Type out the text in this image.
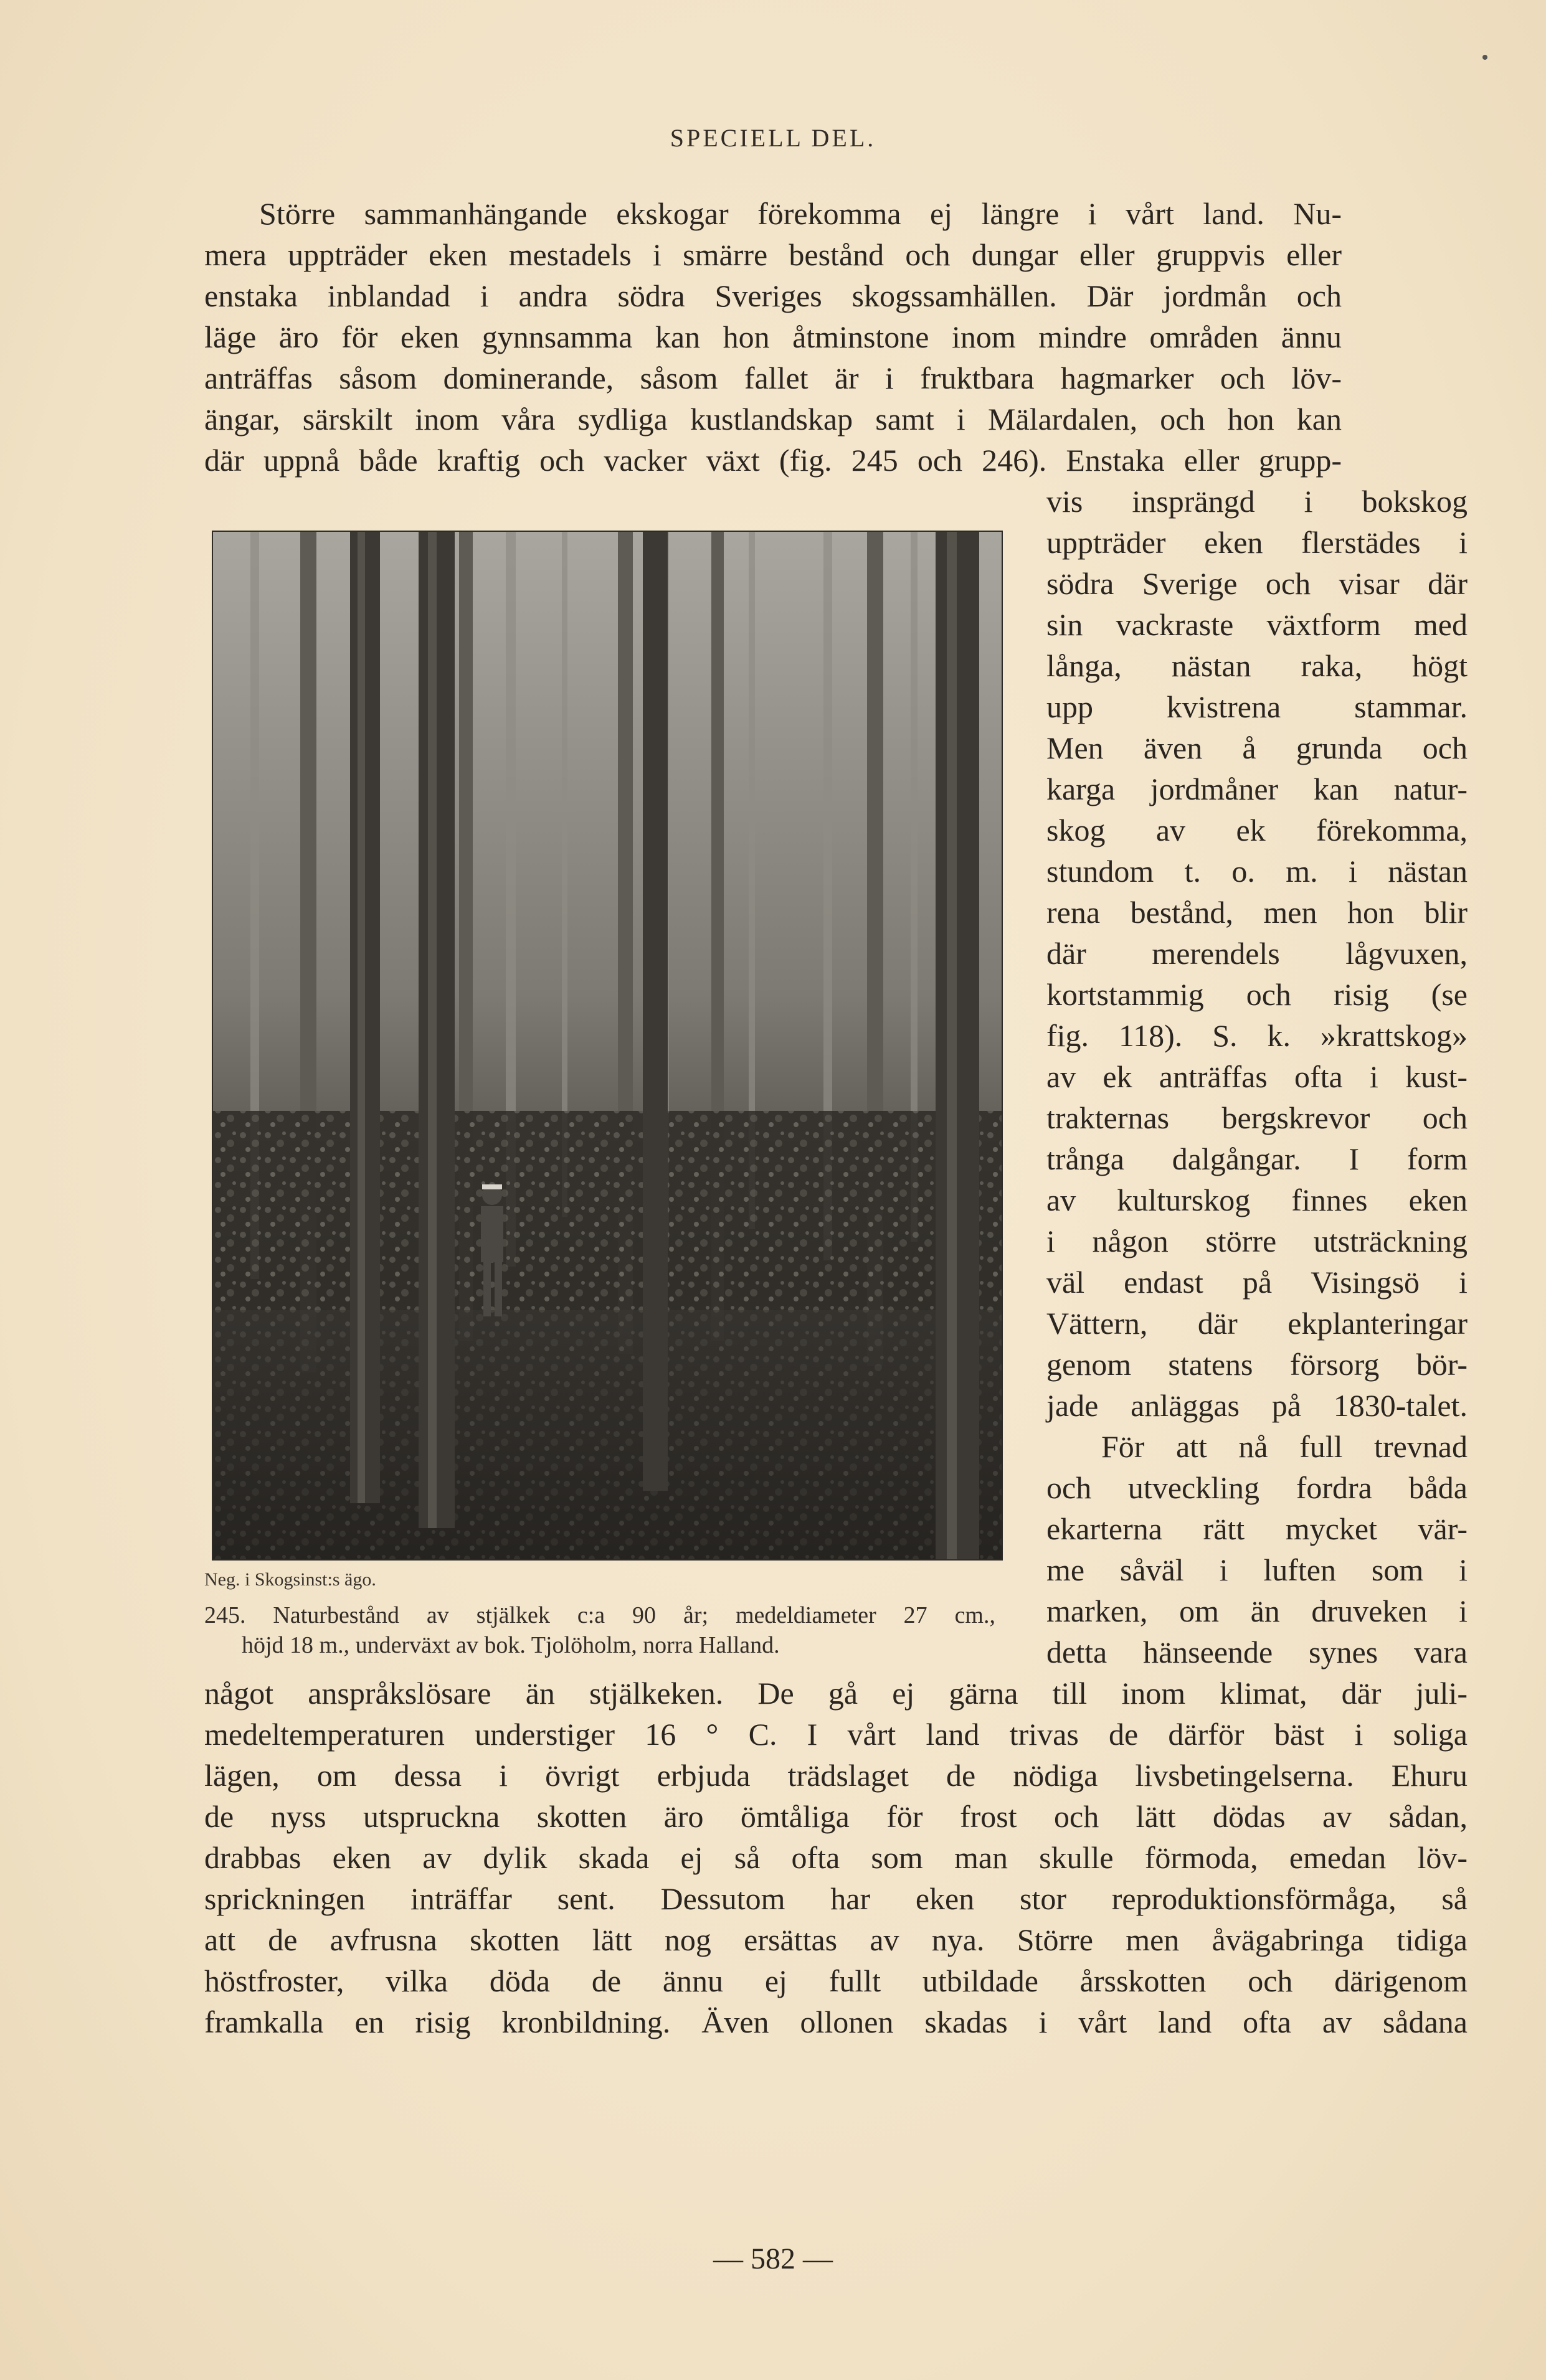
SPECIELL DEL.
Större sammanhängande ekskogar förekomma ej längre i vårt land. Nu-
mera uppträder eken mestadels i smärre bestånd och dungar eller gruppvis eller
enstaka inblandad i andra södra Sveriges skogssamhällen. Där jordmån och
läge äro för eken gynnsamma kan hon åtminstone inom mindre områden ännu
anträffas såsom dominerande, såsom fallet är i fruktbara hagmarker och löv-
ängar, särskilt inom våra sydliga kustlandskap samt i Mälardalen, och hon kan
där uppnå både kraftig och vacker växt (fig. 245 och 246). Enstaka eller grupp-
Neg. i Skogsinst:s ägo.
245. Naturbestånd av stjälkek c:a 90 år; medeldiameter 27 cm.,
höjd 18 m., underväxt av bok. Tjolöholm, norra Halland.
vis insprängd i bokskog
uppträder eken flerstädes i
södra Sverige och visar där
sin vackraste växtform med
långa, nästan raka, högt
upp kvistrena stammar.
Men även å grunda och
karga jordmåner kan natur-
skog av ek förekomma,
stundom t. o. m. i nästan
rena bestånd, men hon blir
där merendels lågvuxen,
kortstammig och risig (se
fig. 118). S. k. »krattskog»
av ek anträffas ofta i kust-
trakternas bergskrevor och
trånga dalgångar. I form
av kulturskog finnes eken
i någon större utsträckning
väl endast på Visingsö i
Vättern, där ekplanteringar
genom statens försorg bör-
jade anläggas på 1830-talet.
För att nå full trevnad
och utveckling fordra båda
ekarterna rätt mycket vär-
me såväl i luften som i
marken, om än druveken i
detta hänseende synes vara
något anspråkslösare än stjälkeken. De gå ej gärna till inom klimat, där juli-
medeltemperaturen understiger 16 ° C. I vårt land trivas de därför bäst i soliga
lägen, om dessa i övrigt erbjuda trädslaget de nödiga livsbetingelserna. Ehuru
de nyss utspruckna skotten äro ömtåliga för frost och lätt dödas av sådan,
drabbas eken av dylik skada ej så ofta som man skulle förmoda, emedan löv-
sprickningen inträffar sent. Dessutom har eken stor reproduktionsförmåga, så
att de avfrusna skotten lätt nog ersättas av nya. Större men åvägabringa tidiga
höstfroster, vilka döda de ännu ej fullt utbildade årsskotten och därigenom
framkalla en risig kronbildning. Även ollonen skadas i vårt land ofta av sådana
— 582 —
